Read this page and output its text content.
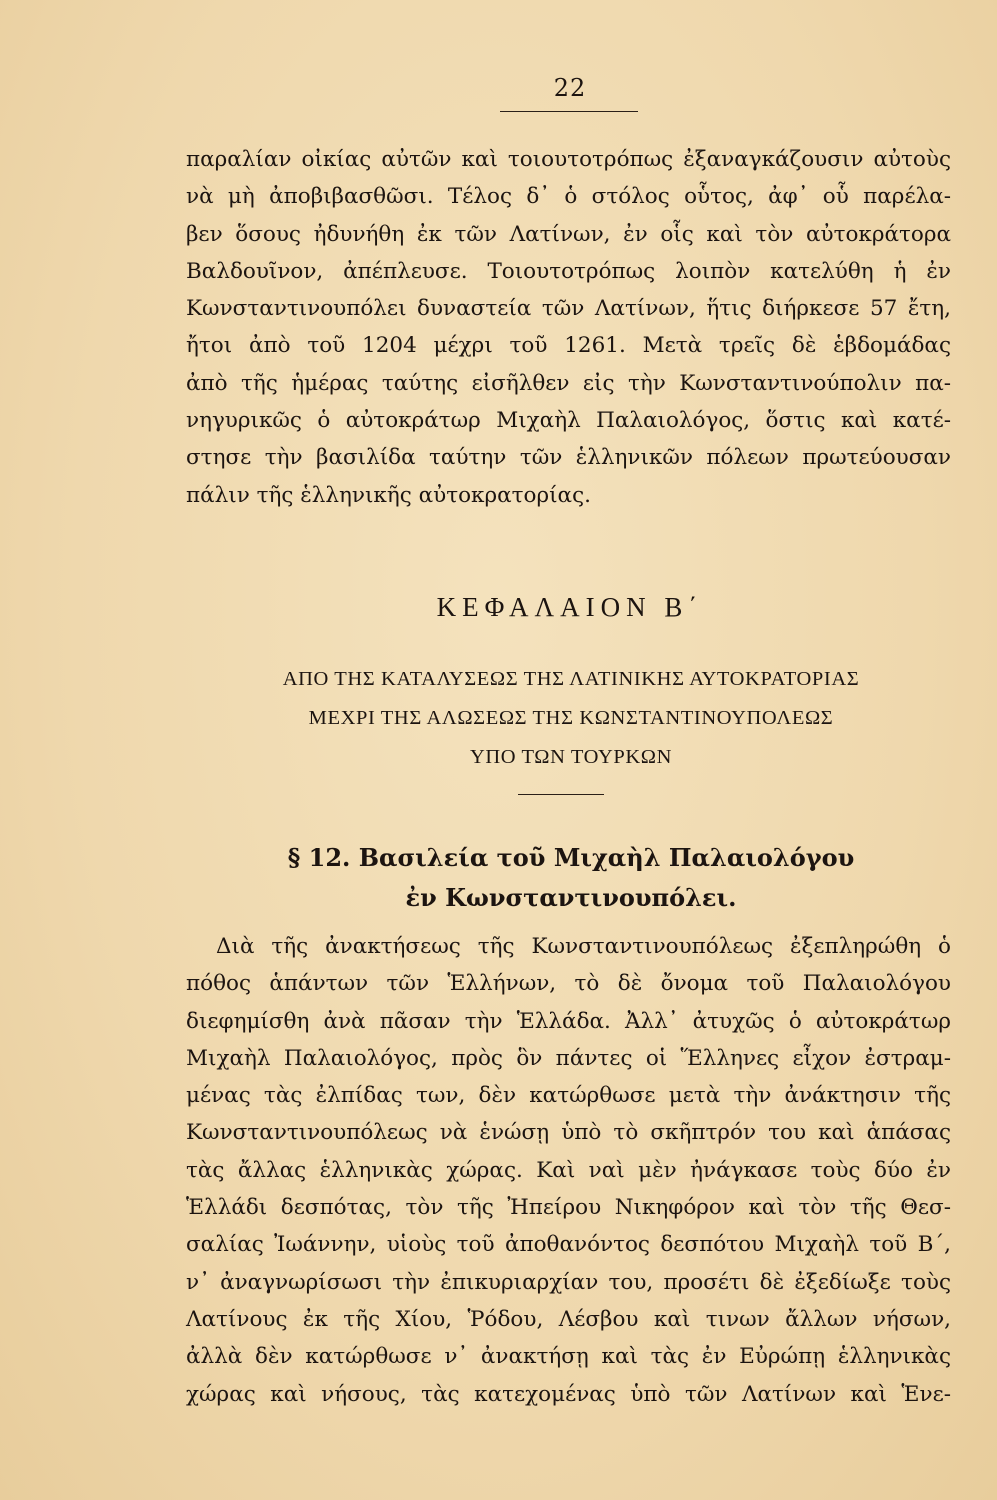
22
παραλίαν οἰκίας αὐτῶν καὶ τοιουτοτρόπως ἐξαναγκάζουσιν αὐτοὺς
νὰ μὴ ἀποβιβασθῶσι. Τέλος δ᾽ ὁ στόλος οὗτος, ἀφ᾽ οὗ παρέλα-
βεν ὅσους ἠδυνήθη ἐκ τῶν Λατίνων, ἐν οἷς καὶ τὸν αὐτοκράτορα
Βαλδουῖνον, ἀπέπλευσε. Τοιουτοτρόπως λοιπὸν κατελύθη ἡ ἐν
Κωνσταντινουπόλει δυναστεία τῶν Λατίνων, ἥτις διήρκεσε 57 ἔτη,
ἤτοι ἀπὸ τοῦ 1204 μέχρι τοῦ 1261. Μετὰ τρεῖς δὲ ἑβδομάδας
ἀπὸ τῆς ἡμέρας ταύτης εἰσῆλθεν εἰς τὴν Κωνσταντινούπολιν πα-
νηγυρικῶς ὁ αὐτοκράτωρ Μιχαὴλ Παλαιολόγος, ὅστις καὶ κατέ-
στησε τὴν βασιλίδα ταύτην τῶν ἑλληνικῶν πόλεων πρωτεύουσαν
πάλιν τῆς ἑλληνικῆς αὐτοκρατορίας.
ΚΕΦΑΛΑΙΟΝ Β΄
ΑΠΟ ΤΗΣ ΚΑΤΑΛΥΣΕΩΣ ΤΗΣ ΛΑΤΙΝΙΚΗΣ ΑΥΤΟΚΡΑΤΟΡΙΑΣ
ΜΕΧΡΙ ΤΗΣ ΑΛΩΣΕΩΣ ΤΗΣ ΚΩΝΣΤΑΝΤΙΝΟΥΠΟΛΕΩΣ
ΥΠΟ ΤΩΝ ΤΟΥΡΚΩΝ
§ 12. Βασιλεία τοῦ Μιχαὴλ Παλαιολόγου
ἐν Κωνσταντινουπόλει.
Διὰ τῆς ἀνακτήσεως τῆς Κωνσταντινουπόλεως ἐξεπληρώθη ὁ
πόθος ἁπάντων τῶν Ἑλλήνων, τὸ δὲ ὄνομα τοῦ Παλαιολόγου
διεφημίσθη ἀνὰ πᾶσαν τὴν Ἑλλάδα. Ἀλλ᾽ ἀτυχῶς ὁ αὐτοκράτωρ
Μιχαὴλ Παλαιολόγος, πρὸς ὃν πάντες οἱ Ἕλληνες εἶχον ἐστραμ-
μένας τὰς ἐλπίδας των, δὲν κατώρθωσε μετὰ τὴν ἀνάκτησιν τῆς
Κωνσταντινουπόλεως νὰ ἑνώσῃ ὑπὸ τὸ σκῆπτρόν του καὶ ἁπάσας
τὰς ἄλλας ἑλληνικὰς χώρας. Καὶ ναὶ μὲν ἠνάγκασε τοὺς δύο ἐν
Ἑλλάδι δεσπότας, τὸν τῆς Ἠπείρου Νικηφόρον καὶ τὸν τῆς Θεσ-
σαλίας Ἰωάννην, υἱοὺς τοῦ ἀποθανόντος δεσπότου Μιχαὴλ τοῦ Β΄,
ν᾽ ἀναγνωρίσωσι τὴν ἐπικυριαρχίαν του, προσέτι δὲ ἐξεδίωξε τοὺς
Λατίνους ἐκ τῆς Χίου, Ῥόδου, Λέσβου καὶ τινων ἄλλων νήσων,
ἀλλὰ δὲν κατώρθωσε ν᾽ ἀνακτήσῃ καὶ τὰς ἐν Εὐρώπῃ ἑλληνικὰς
χώρας καὶ νήσους, τὰς κατεχομένας ὑπὸ τῶν Λατίνων καὶ Ἑνε-
